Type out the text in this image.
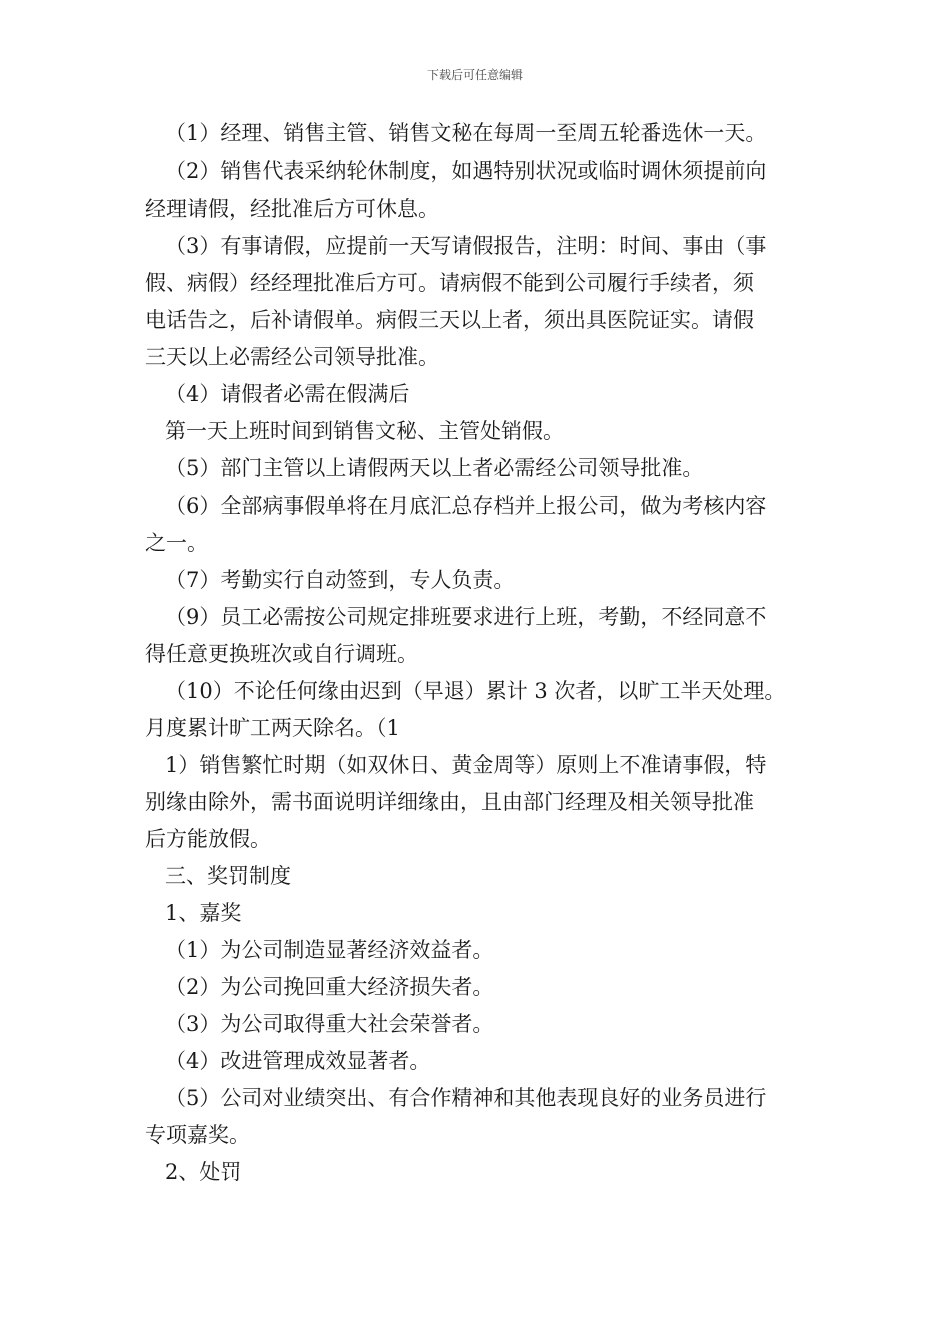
下载后可任意编辑
（1）经理、销售主管、销售文秘在每周一至周五轮番选休一天。
（2）销售代表采纳轮休制度，如遇特别状况或临时调休须提前向
经理请假，经批准后方可休息。
（3）有事请假，应提前一天写请假报告，注明：时间、事由（事
假、病假）经经理批准后方可。请病假不能到公司履行手续者，须
电话告之，后补请假单。病假三天以上者，须出具医院证实。请假
三天以上必需经公司领导批准。
（4）请假者必需在假满后
第一天上班时间到销售文秘、主管处销假。
（5）部门主管以上请假两天以上者必需经公司领导批准。
（6）全部病事假单将在月底汇总存档并上报公司，做为考核内容
之一。
（7）考勤实行自动签到，专人负责。
（9）员工必需按公司规定排班要求进行上班，考勤，不经同意不
得任意更换班次或自行调班。
（10）不论任何缘由迟到（早退）累计 3 次者，以旷工半天处理。
月度累计旷工两天除名。（1
1）销售繁忙时期（如双休日、黄金周等）原则上不准请事假，特
别缘由除外，需书面说明详细缘由，且由部门经理及相关领导批准
后方能放假。
三、奖罚制度
1、嘉奖
（1）为公司制造显著经济效益者。
（2）为公司挽回重大经济损失者。
（3）为公司取得重大社会荣誉者。
（4）改进管理成效显著者。
（5）公司对业绩突出、有合作精神和其他表现良好的业务员进行
专项嘉奖。
2、处罚
